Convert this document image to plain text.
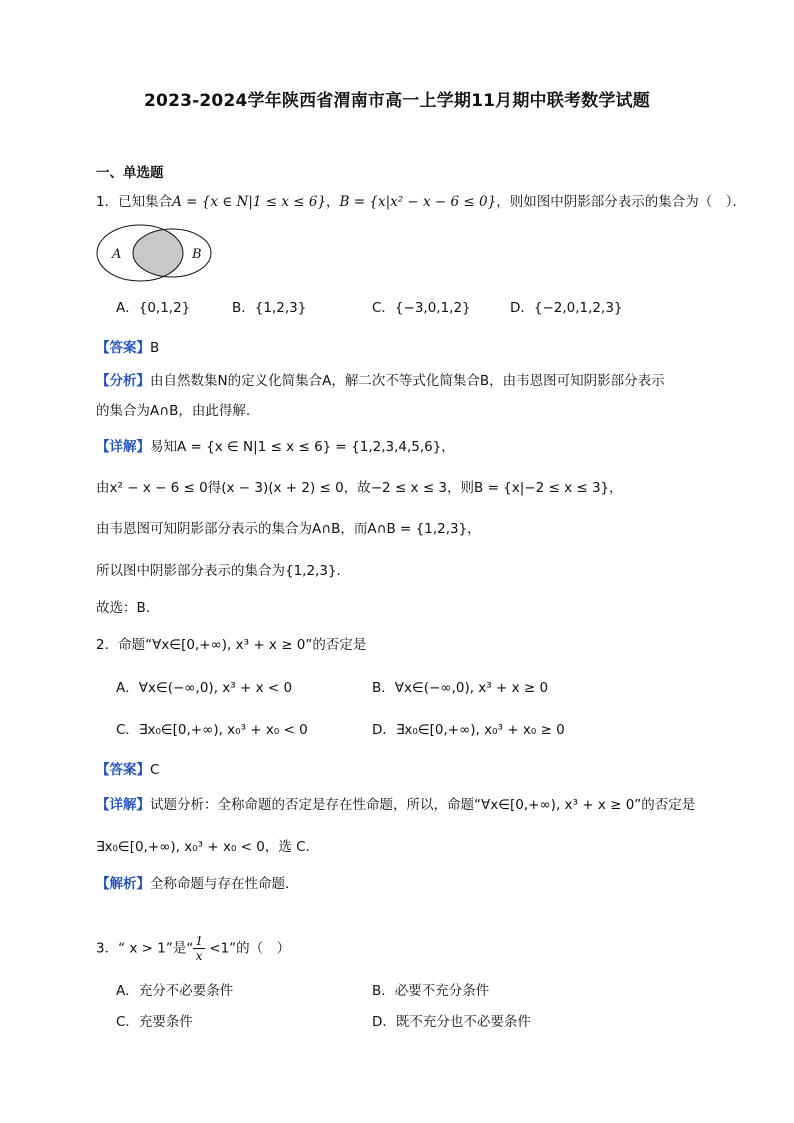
2023-2024学年陕西省渭南市高一上学期11月期中联考数学试题
一、单选题
1．已知集合A = {x ∈ N|1 ≤ x ≤ 6}，B = {x|x² − x − 6 ≤ 0}，则如图中阴影部分表示的集合为（　）．
A	B
A．{0,1,2}	B．{1,2,3}	C．{−3,0,1,2}	D．{−2,0,1,2,3}
【答案】B
【分析】由自然数集N的定义化简集合A，解二次不等式化简集合B，由韦恩图可知阴影部分表示
的集合为A∩B，由此得解.
【详解】易知A = {x ∈ N|1 ≤ x ≤ 6} = {1,2,3,4,5,6}，
由x² − x − 6 ≤ 0得(x − 3)(x + 2) ≤ 0，故−2 ≤ x ≤ 3，则B = {x|−2 ≤ x ≤ 3}，
由韦恩图可知阴影部分表示的集合为A∩B，而A∩B = {1,2,3}，
所以图中阴影部分表示的集合为{1,2,3}.
故选：B.
2．命题“∀x∈[0,+∞), x³ + x ≥ 0”的否定是
A．∀x∈(−∞,0), x³ + x < 0	B．∀x∈(−∞,0), x³ + x ≥ 0
C．∃x₀∈[0,+∞), x₀³ + x₀ < 0	D．∃x₀∈[0,+∞), x₀³ + x₀ ≥ 0
【答案】C
【详解】试题分析：全称命题的否定是存在性命题，所以，命题“∀x∈[0,+∞), x³ + x ≥ 0”的否定是
∃x₀∈[0,+∞), x₀³ + x₀ < 0，选 C.
【解析】全称命题与存在性命题.
3．“ x > 1”是“ $\frac{1}{x} <1$”的（　）
A．充分不必要条件	B．必要不充分条件
C．充要条件	D．既不充分也不必要条件
